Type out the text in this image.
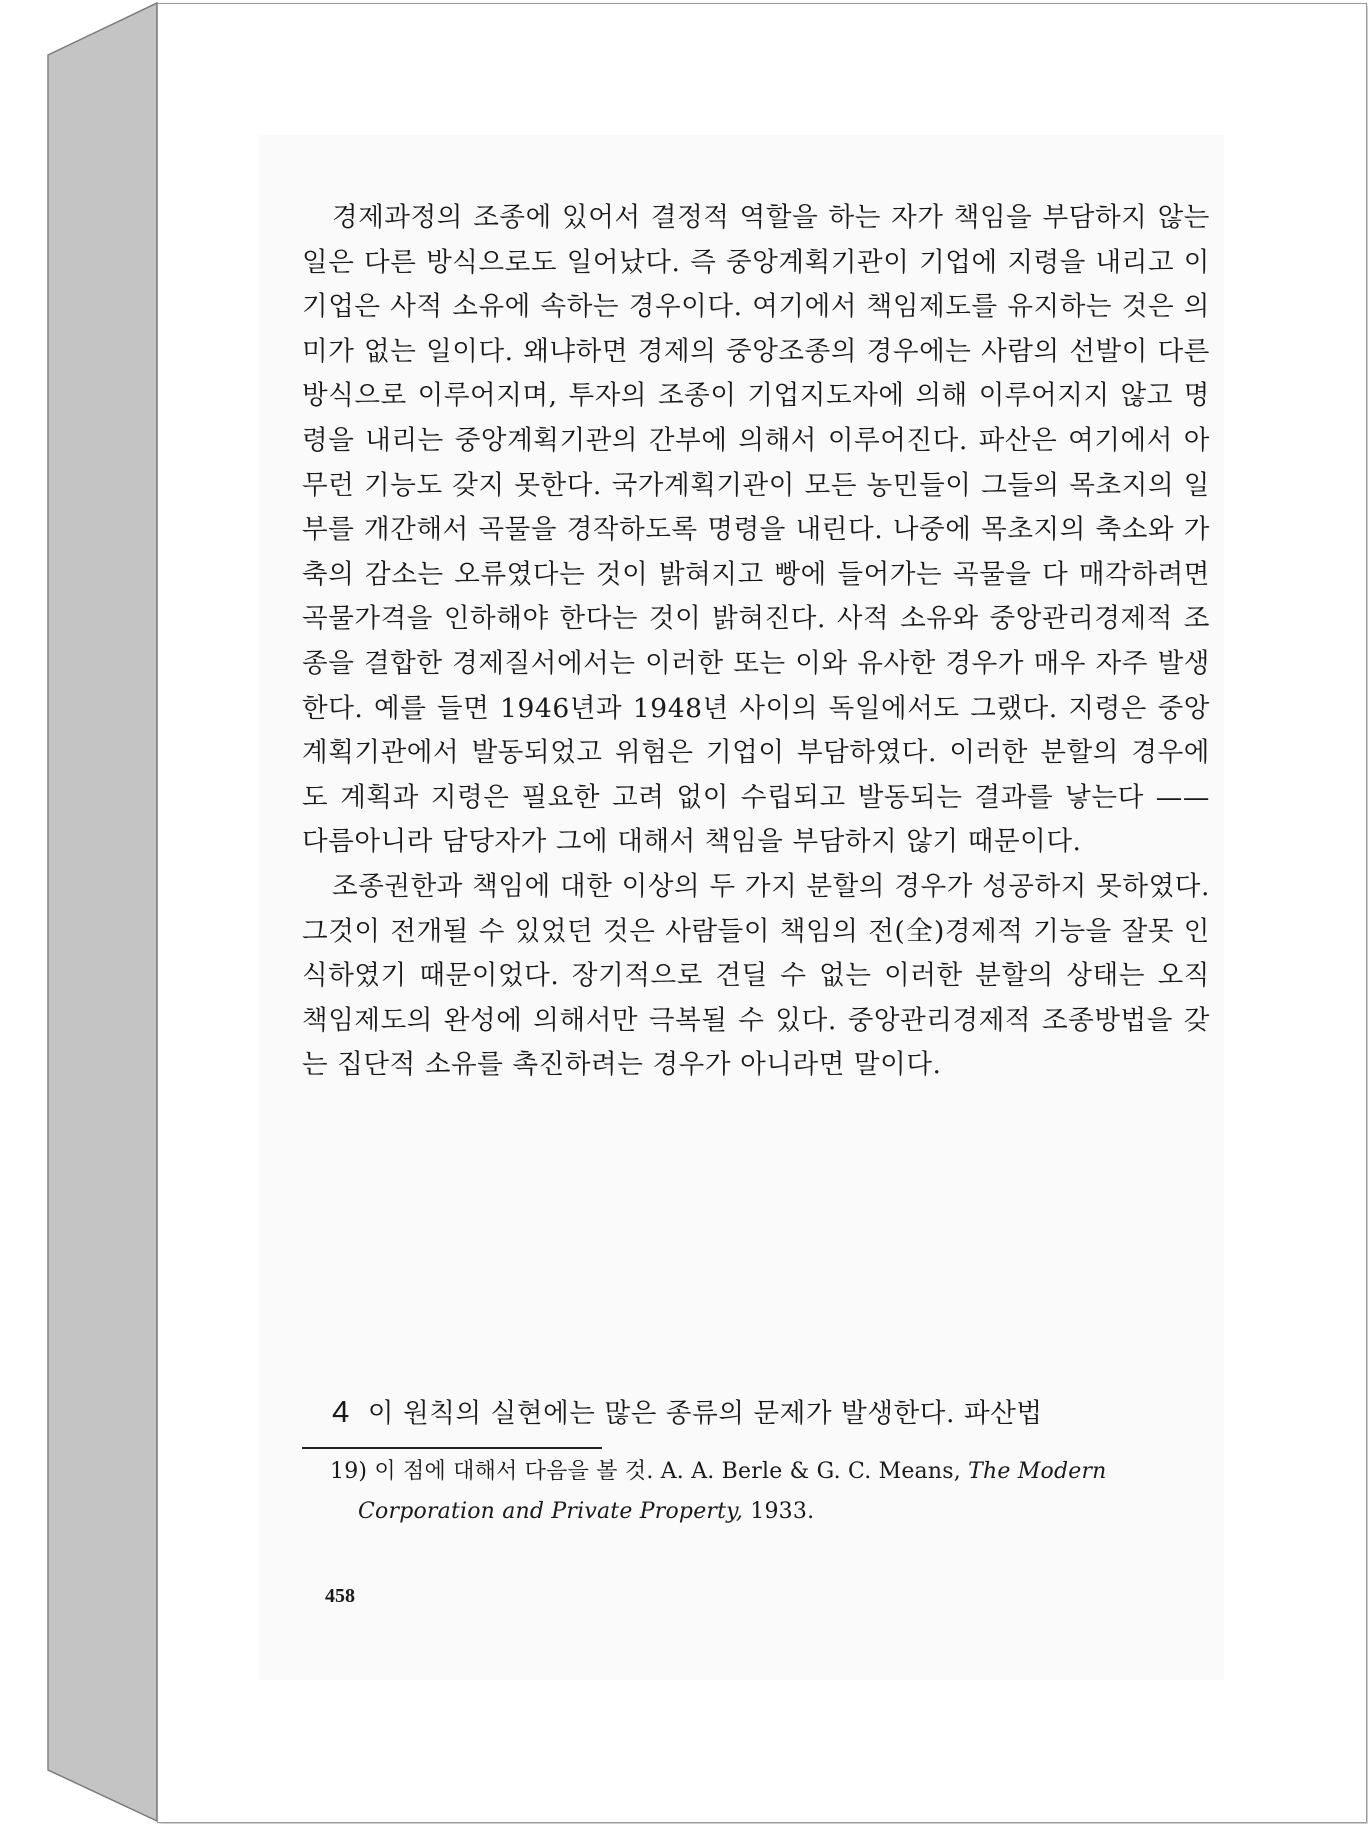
경제과정의 조종에 있어서 결정적 역할을 하는 자가 책임을 부담하지 않는 일은 다른 방식으로도 일어났다. 즉 중앙계획기관이 기업에 지령을 내리고 이 기업은 사적 소유에 속하는 경우이다. 여기에서 책임제도를 유지하는 것은 의미가 없는 일이다. 왜냐하면 경제의 중앙조종의 경우에는 사람의 선발이 다른 방식으로 이루어지며, 투자의 조종이 기업지도자에 의해 이루어지지 않고 명령을 내리는 중앙계획기관의 간부에 의해서 이루어진다. 파산은 여기에서 아무런 기능도 갖지 못한다. 국가계획기관이 모든 농민들이 그들의 목초지의 일부를 개간해서 곡물을 경작하도록 명령을 내린다. 나중에 목초지의 축소와 가축의 감소는 오류였다는 것이 밝혀지고 빵에 들어가는 곡물을 다 매각하려면 곡물가격을 인하해야 한다는 것이 밝혀진다. 사적 소유와 중앙관리경제적 조종을 결합한 경제질서에서는 이러한 또는 이와 유사한 경우가 매우 자주 발생한다. 예를 들면 1946년과 1948년 사이의 독일에서도 그랬다. 지령은 중앙계획기관에서 발동되었고 위험은 기업이 부담하였다. 이러한 분할의 경우에도 계획과 지령은 필요한 고려 없이 수립되고 발동되는 결과를 낳는다 —— 다름아니라 담당자가 그에 대해서 책임을 부담하지 않기 때문이다.

조종권한과 책임에 대한 이상의 두 가지 분할의 경우가 성공하지 못하였다. 그것이 전개될 수 있었던 것은 사람들이 책임의 전(全)경제적 기능을 잘못 인식하였기 때문이었다. 장기적으로 견딜 수 없는 이러한 분할의 상태는 오직 책임제도의 완성에 의해서만 극복될 수 있다. 중앙관리경제적 조종방법을 갖는 집단적 소유를 촉진하려는 경우가 아니라면 말이다.

4 이 원칙의 실현에는 많은 종류의 문제가 발생한다. 파산법
19) 이 점에 대해서 다음을 볼 것. A. A. Berle & G. C. Means, The Modern
Corporation and Private Property, 1933.
458
